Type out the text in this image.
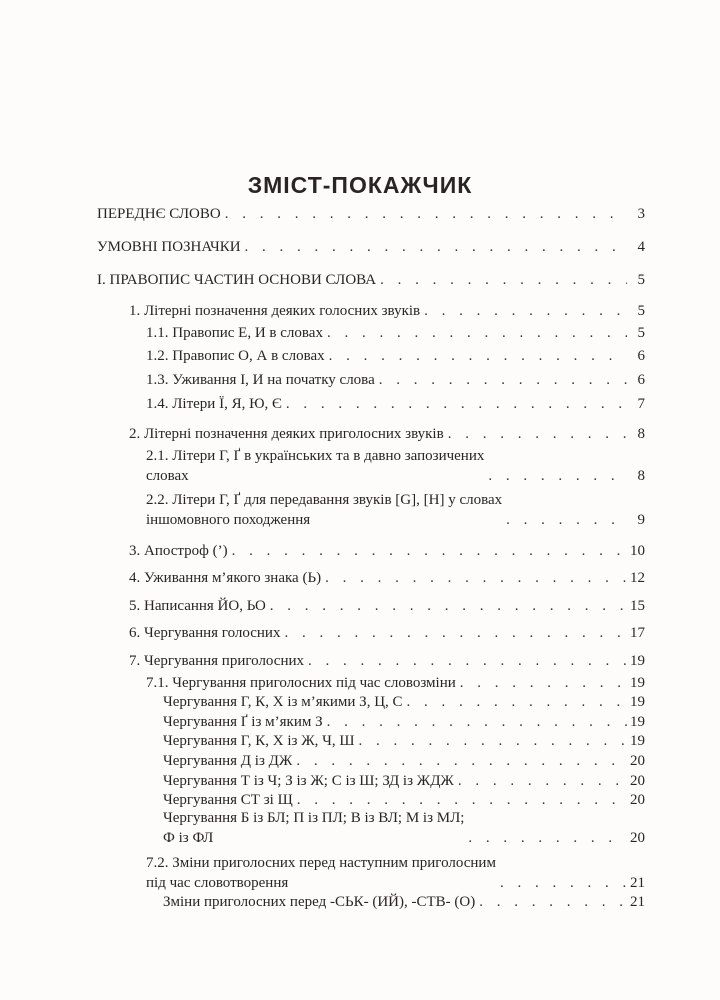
ЗМІСТ-ПОКАЖЧИК
ПЕРЕДНЄ СЛОВО . . .	3
УМОВНІ ПОЗНАЧКИ . . .	4
І. ПРАВОПИС ЧАСТИН ОСНОВИ СЛОВА . . .	5
1. Літерні позначення деяких голосних звуків . . .	5
1.1. Правопис Е, И в словах . . .	5
1.2. Правопис О, А в словах . . .	6
1.3. Уживання І, И на початку слова . . .	6
1.4. Літери Ї, Я, Ю, Є . . .	7
2. Літерні позначення деяких приголосних звуків . . .	8
2.1. Літери Г, Ґ в українських та в давно запозичених
словах . . .	8
2.2. Літери Г, Ґ для передавання звуків [G], [H] у словах
іншомовного походження . . .	9
3. Апостроф (’) . . .	10
4. Уживання м’якого знака (Ь) . . .	12
5. Написання ЙО, ЬО . . .	15
6. Чергування голосних . . .	17
7. Чергування приголосних . . .	19
7.1. Чергування приголосних під час словозміни . . .	19
Чергування Г, К, Х із м’якими З, Ц, С . . .	19
Чергування Ґ із м’яким З . . .	19
Чергування Г, К, Х із Ж, Ч, Ш . . .	19
Чергування Д із ДЖ . . .	20
Чергування Т із Ч; З із Ж; С із Ш; ЗД із ЖДЖ . . .	20
Чергування СТ зі Щ . . .	20
Чергування Б із БЛ; П із ПЛ; В із ВЛ; М із МЛ;
Ф із ФЛ . . .	20
7.2. Зміни приголосних перед наступним приголосним
під час словотворення . . .	21
Зміни приголосних перед -СЬК- (ИЙ), -СТВ- (О) . . .	21
